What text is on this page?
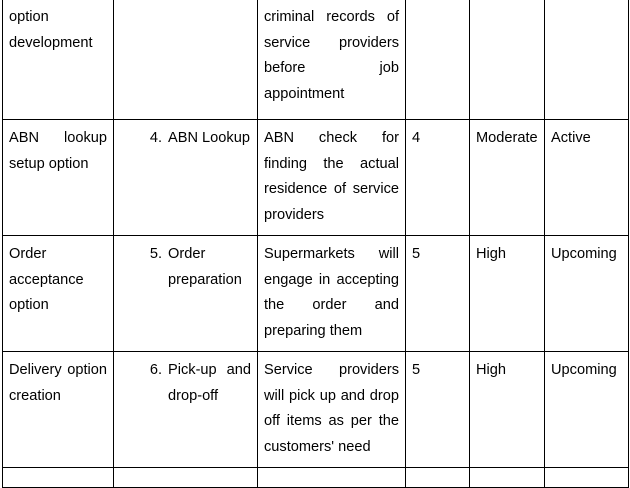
option development		criminal records of service providers before job appointment			
ABN lookup setup option	4. ABN Lookup	ABN check for finding the actual residence of service providers	4	Moderate	Active
Order acceptance option	5. Order preparation	Supermarkets will engage in accepting the order and preparing them	5	High	Upcoming
Delivery option creation	6. Pick-up and drop-off	Service providers will pick up and drop off items as per the customers' need	5	High	Upcoming
